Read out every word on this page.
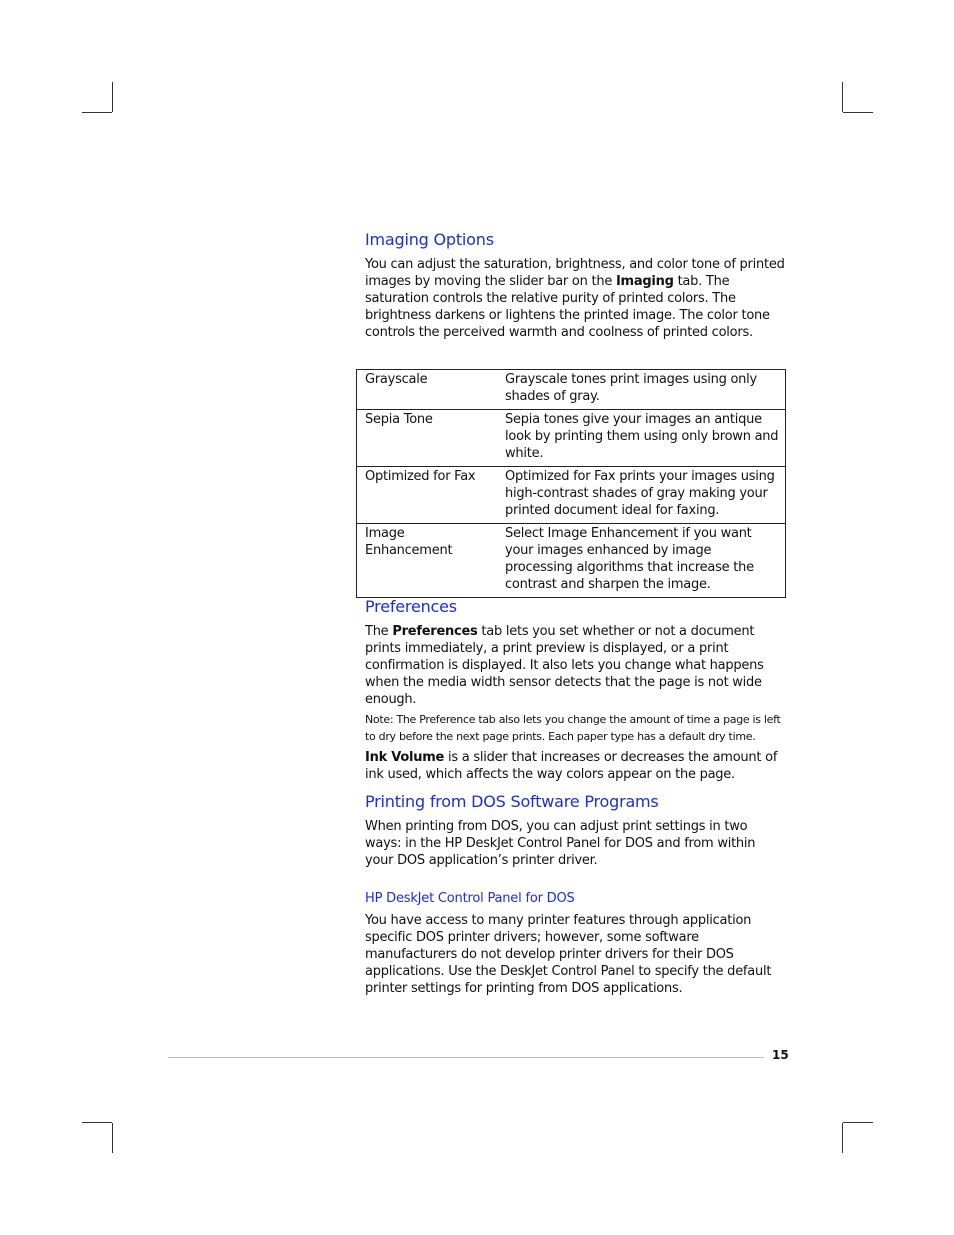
Imaging Options

You can adjust the saturation, brightness, and color tone of printed images by moving the slider bar on the Imaging tab. The saturation controls the relative purity of printed colors. The brightness darkens or lightens the printed image. The color tone controls the perceived warmth and coolness of printed colors.

Grayscale	Grayscale tones print images using only shades of gray.
Sepia Tone	Sepia tones give your images an antique look by printing them using only brown and white.
Optimized for Fax	Optimized for Fax prints your images using high-contrast shades of gray making your printed document ideal for faxing.
Image Enhancement	Select Image Enhancement if you want your images enhanced by image processing algorithms that increase the contrast and sharpen the image.
Preferences

The Preferences tab lets you set whether or not a document prints immediately, a print preview is displayed, or a print confirmation is displayed. It also lets you change what happens when the media width sensor detects that the page is not wide enough.

Note: The Preference tab also lets you change the amount of time a page is left to dry before the next page prints. Each paper type has a default dry time.

Ink Volume is a slider that increases or decreases the amount of ink used, which affects the way colors appear on the page.

Printing from DOS Software Programs

When printing from DOS, you can adjust print settings in two ways: in the HP DeskJet Control Panel for DOS and from within your DOS application’s printer driver.

HP DeskJet Control Panel for DOS

You have access to many printer features through application specific DOS printer drivers; however, some software manufacturers do not develop printer drivers for their DOS applications. Use the DeskJet Control Panel to specify the default printer settings for printing from DOS applications.

15
